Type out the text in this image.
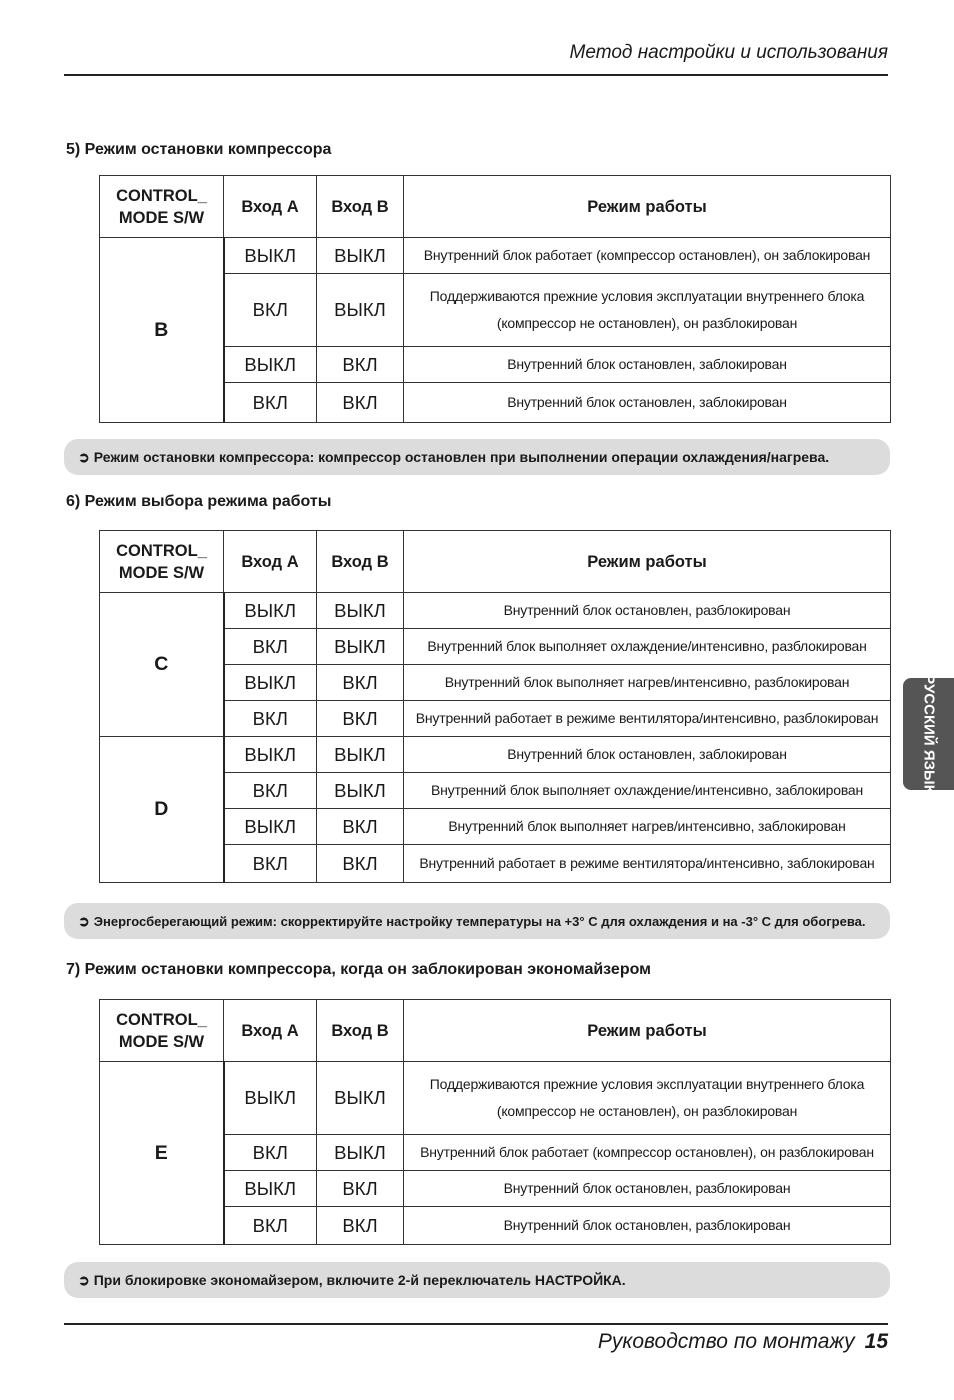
Метод настройки и использования
5) Режим остановки компрессора
CONTROL_
MODE S/W	Вход A	Вход B	Режим работы
B	ВЫКЛ	ВЫКЛ	Внутренний блок работает (компрессор остановлен), он заблокирован
	ВКЛ	ВЫКЛ	Поддерживаются прежние условия эксплуатации внутреннего блока
(компрессор не остановлен), он разблокирован
	ВЫКЛ	ВКЛ	Внутренний блок остановлен, заблокирован
	ВКЛ	ВКЛ	Внутренний блок остановлен, заблокирован
➲ Режим остановки компрессора: компрессор остановлен при выполнении операции охлаждения/нагрева.
6) Режим выбора режима работы
CONTROL_
MODE S/W	Вход A	Вход B	Режим работы
C	ВЫКЛ	ВЫКЛ	Внутренний блок остановлен, разблокирован
	ВКЛ	ВЫКЛ	Внутренний блок выполняет охлаждение/интенсивно, разблокирован
	ВЫКЛ	ВКЛ	Внутренний блок выполняет нагрев/интенсивно, разблокирован
	ВКЛ	ВКЛ	Внутренний работает в режиме вентилятора/интенсивно, разблокирован
D	ВЫКЛ	ВЫКЛ	Внутренний блок остановлен, заблокирован
	ВКЛ	ВЫКЛ	Внутренний блок выполняет охлаждение/интенсивно, заблокирован
	ВЫКЛ	ВКЛ	Внутренний блок выполняет нагрев/интенсивно, заблокирован
	ВКЛ	ВКЛ	Внутренний работает в режиме вентилятора/интенсивно, заблокирован
➲ Энергосберегающий режим: скорректируйте настройку температуры на +3° C для охлаждения и на -3° C для обогрева.
7) Режим остановки компрессора, когда он заблокирован экономайзером
CONTROL_
MODE S/W	Вход A	Вход B	Режим работы
E	ВЫКЛ	ВЫКЛ	Поддерживаются прежние условия эксплуатации внутреннего блока
(компрессор не остановлен), он разблокирован
	ВКЛ	ВЫКЛ	Внутренний блок работает (компрессор остановлен), он разблокирован
	ВЫКЛ	ВКЛ	Внутренний блок остановлен, разблокирован
	ВКЛ	ВКЛ	Внутренний блок остановлен, разблокирован
➲ При блокировке экономайзером, включите 2-й переключатель НАСТРОЙКА.
РУССКИЙ ЯЗЫК
Руководство по монтажу 15
